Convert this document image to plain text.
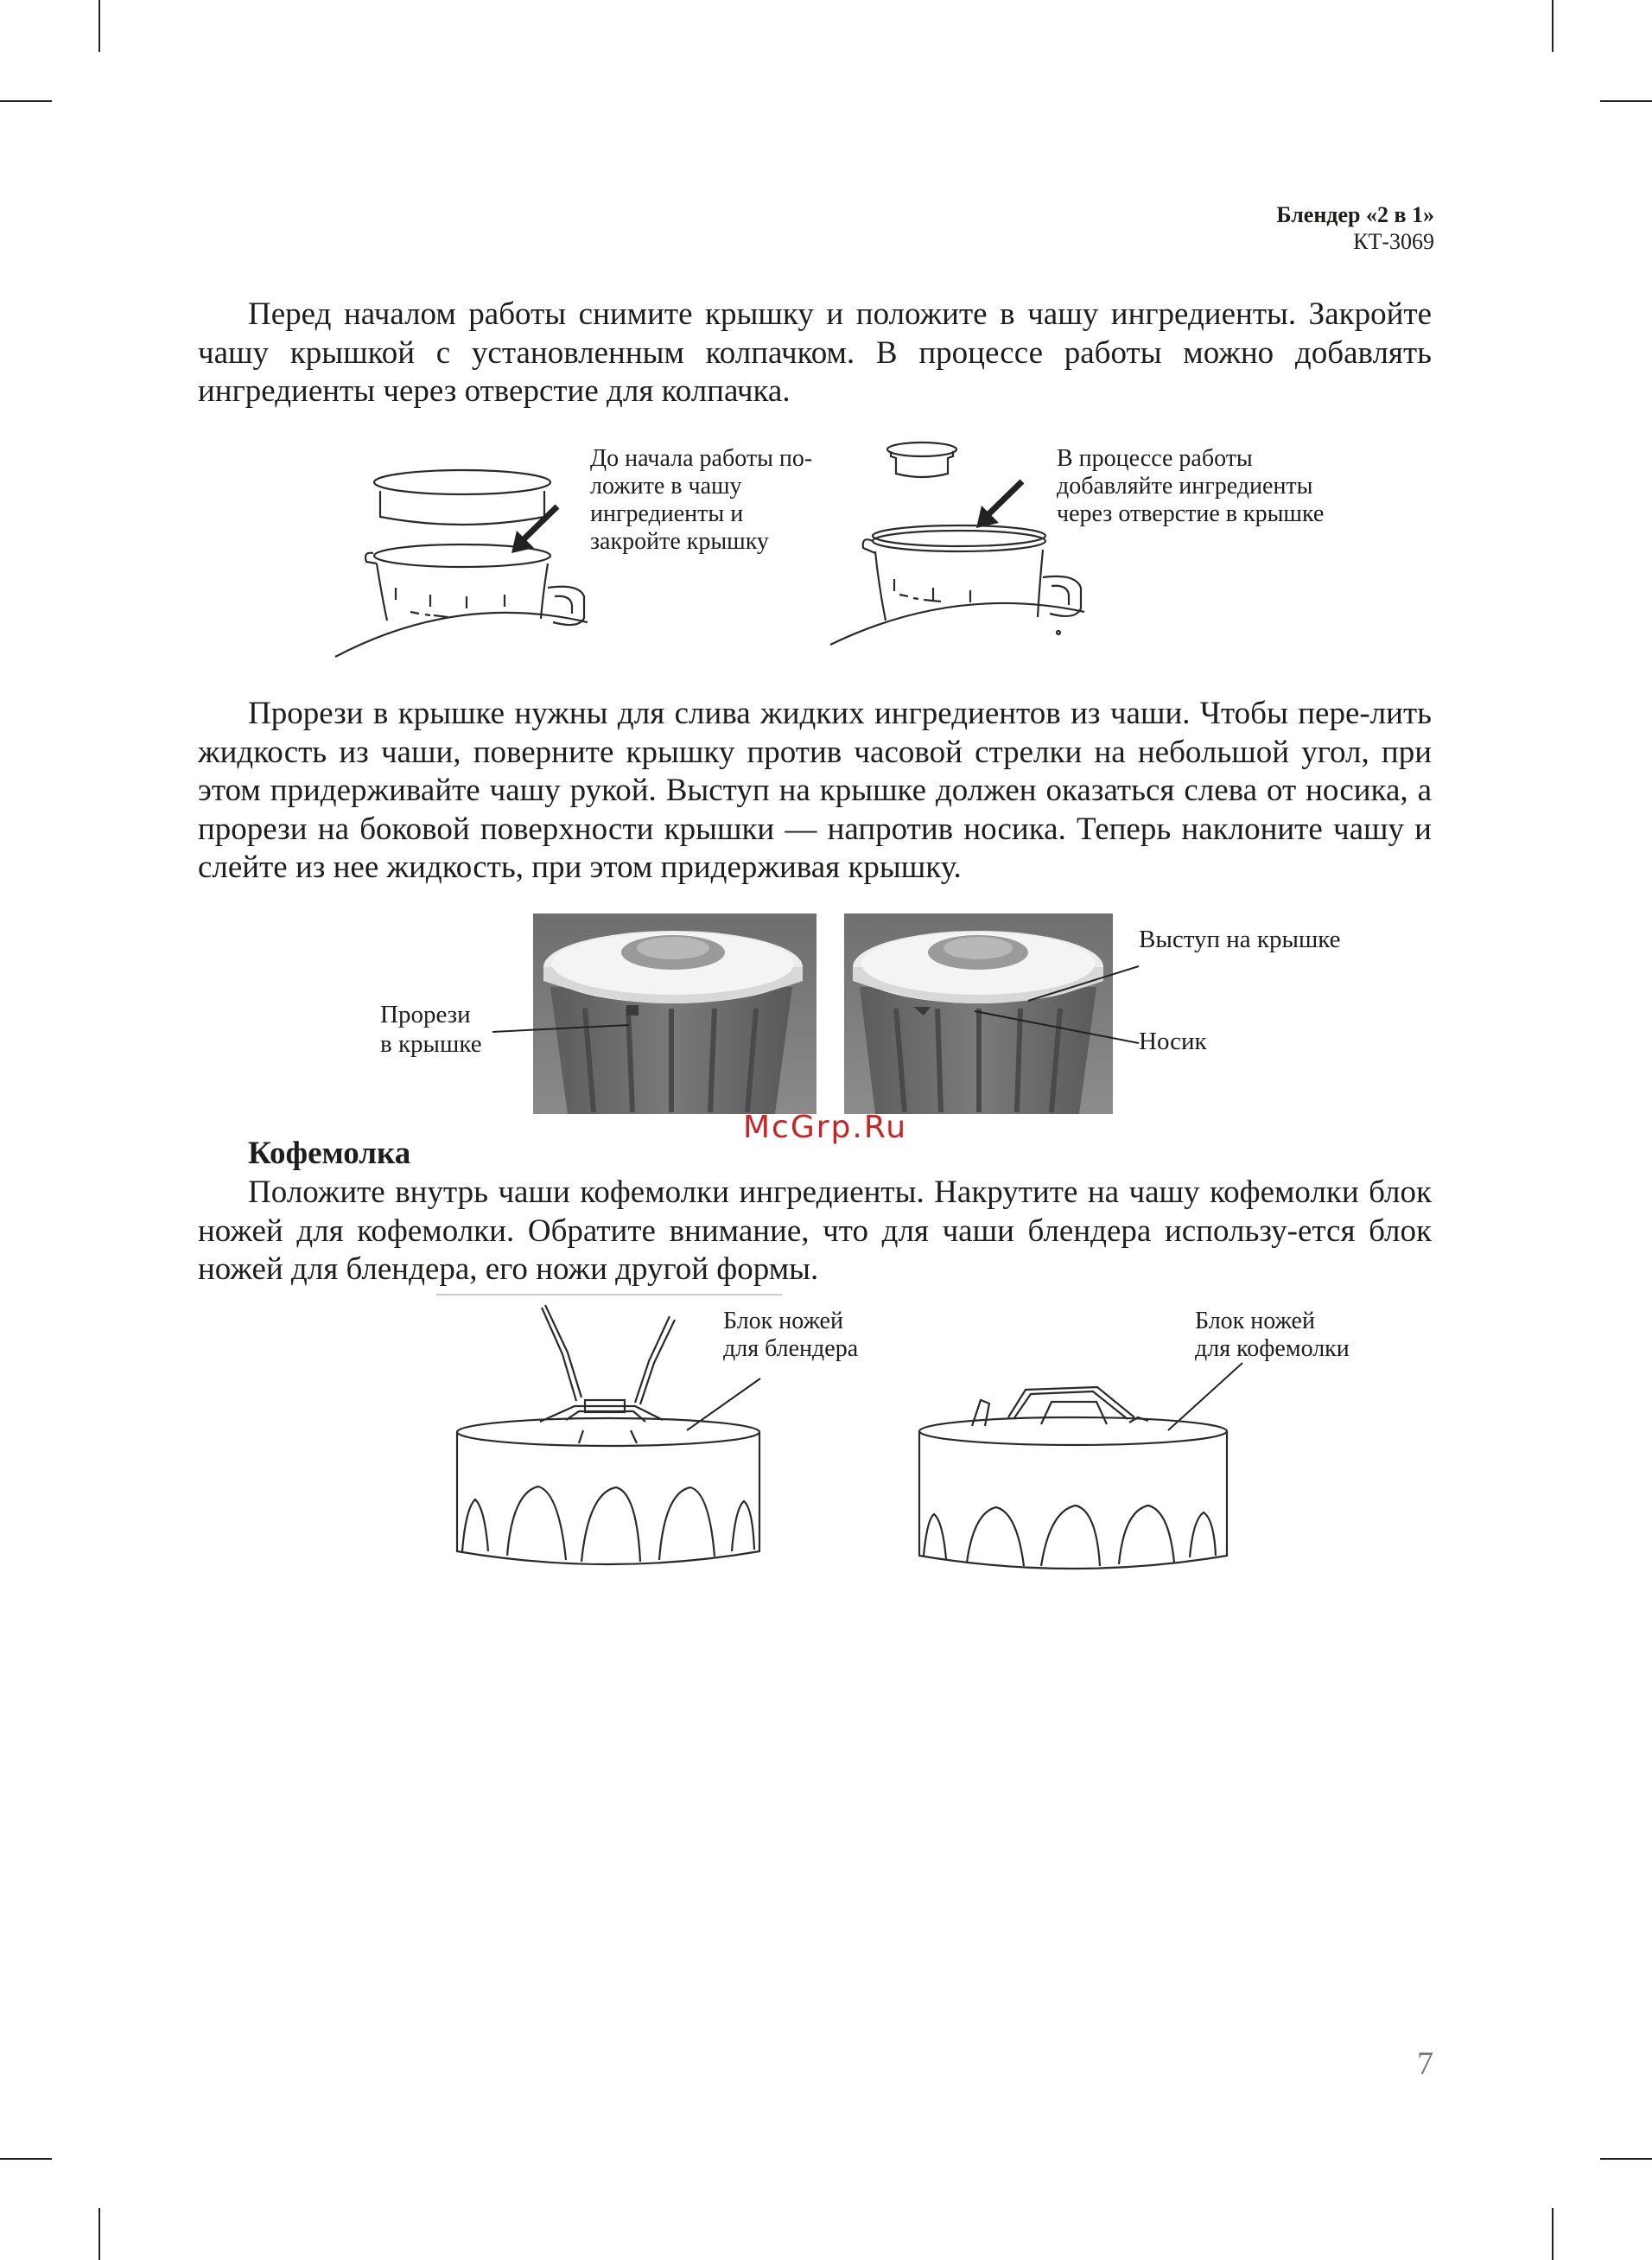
Блендер «2 в 1»
КТ-3069

Перед началом работы снимите крышку и положите в чашу ингредиенты. Закройте чашу крышкой с установленным колпачком. В процессе работы можно добавлять ингредиенты через отверстие для колпачка.

До начала работы по-
ложите в чашу
ингредиенты и
закройте крышку
В процессе работы
добавляйте ингредиенты
через отверстие в крышке

Прорези в крышке нужны для слива жидких ингредиентов из чаши. Чтобы пере-лить жидкость из чаши, поверните крышку против часовой стрелки на небольшой угол, при этом придерживайте чашу рукой. Выступ на крышке должен оказаться слева от носика, а прорези на боковой поверхности крышки — напротив носика. Теперь наклоните чашу и слейте из нее жидкость, при этом придерживая крышку.

Прорези
в крышке
Выступ на крышке
Носик
McGrp.Ru
Кофемолка

Положите внутрь чаши кофемолки ингредиенты. Накрутите на чашу кофемолки блок ножей для кофемолки. Обратите внимание, что для чаши блендера использу-ется блок ножей для блендера, его ножи другой формы.

Блок ножей
для блендера
Блок ножей
для кофемолки
7
